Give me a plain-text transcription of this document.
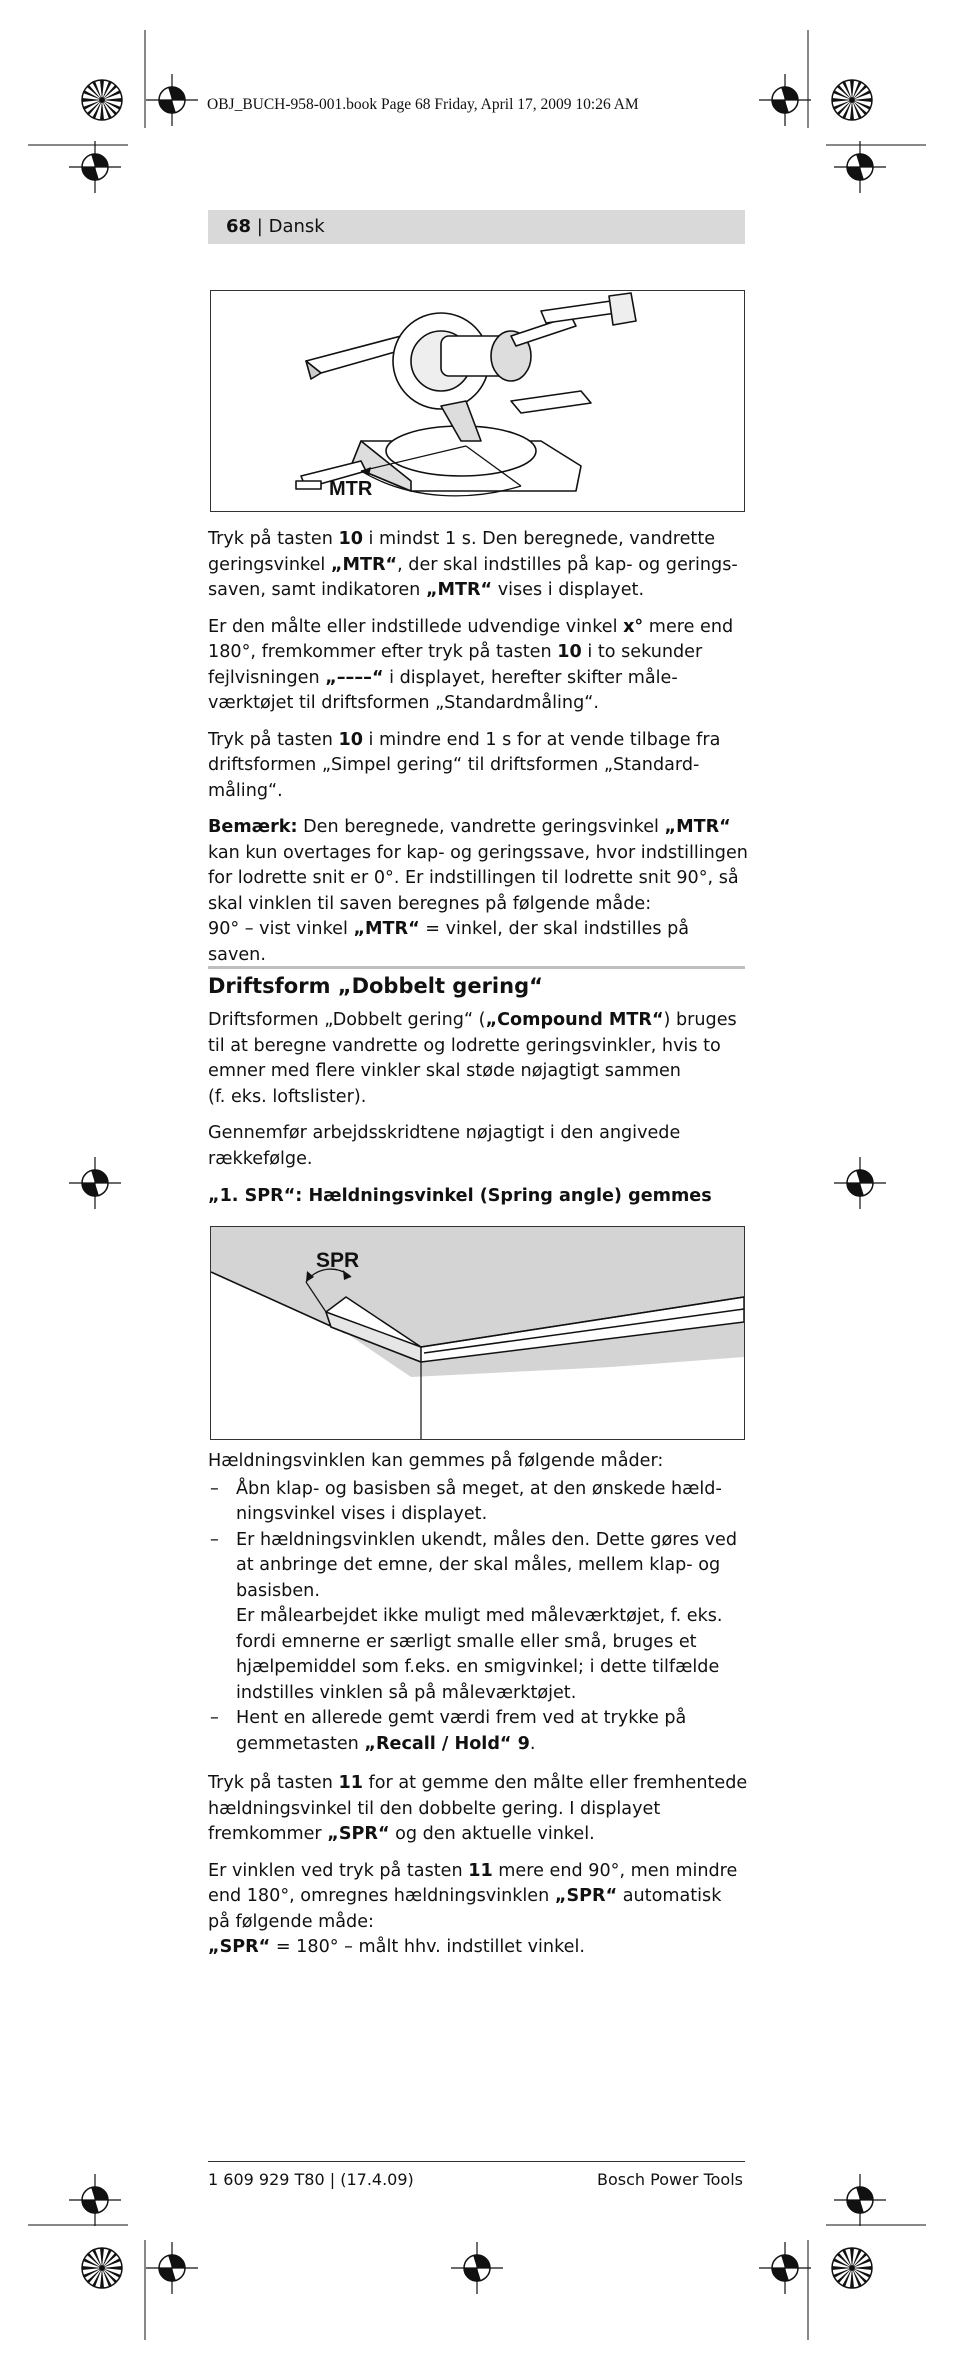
OBJ_BUCH-958-001.book Page 68 Friday, April 17, 2009 10:26 AM
68 | Dansk
MTR

Tryk på tasten 10 i mindst 1 s. Den beregnede, vandrette geringsvinkel „MTR“, der skal indstilles på kap- og geringssaven, samt indikatoren „MTR“ vises i displayet.

Er den målte eller indstillede udvendige vinkel x° mere end 180°, fremkommer efter tryk på tasten 10 i to sekunder fejlvisningen „––––“ i displayet, herefter skifter måleværktøjet til driftsformen „Standardmåling“.

Tryk på tasten 10 i mindre end 1 s for at vende tilbage fra driftsformen „Simpel gering“ til driftsformen „Standardmåling“.

Bemærk: Den beregnede, vandrette geringsvinkel „MTR“ kan kun overtages for kap- og geringssave, hvor indstillingen for lodrette snit er 0°. Er indstillingen til lodrette snit 90°, så skal vinklen til saven beregnes på følgende måde:
90° – vist vinkel „MTR“ = vinkel, der skal indstilles på saven.

Driftsform „Dobbelt gering“

Driftsformen „Dobbelt gering“ („Compound MTR“) bruges til at beregne vandrette og lodrette geringsvinkler, hvis to emner med flere vinkler skal støde nøjagtigt sammen
(f. eks. loftslister).

Gennemfør arbejdsskridtene nøjagtigt i den angivede rækkefølge.

„1. SPR“: Hældningsvinkel (Spring angle) gemmes
SPR

Hældningsvinklen kan gemmes på følgende måder:

– Åbn klap- og basisben så meget, at den ønskede hældningsvinkel vises i displayet.
– Er hældningsvinklen ukendt, måles den. Dette gøres ved at anbringe det emne, der skal måles, mellem klap- og basisben.
Er målearbejdet ikke muligt med måleværktøjet, f. eks. fordi emnerne er særligt smalle eller små, bruges et hjælpemiddel som f.eks. en smigvinkel; i dette tilfælde indstilles vinklen så på måleværktøjet.
– Hent en allerede gemt værdi frem ved at trykke på gemmetasten „Recall / Hold“ 9.

Tryk på tasten 11 for at gemme den målte eller fremhentede hældningsvinkel til den dobbelte gering. I displayet fremkommer „SPR“ og den aktuelle vinkel.

Er vinklen ved tryk på tasten 11 mere end 90°, men mindre end 180°, omregnes hældningsvinklen „SPR“ automatisk på følgende måde:
„SPR“ = 180° – målt hhv. indstillet vinkel.

1 609 929 T80 | (17.4.09)	Bosch Power Tools
